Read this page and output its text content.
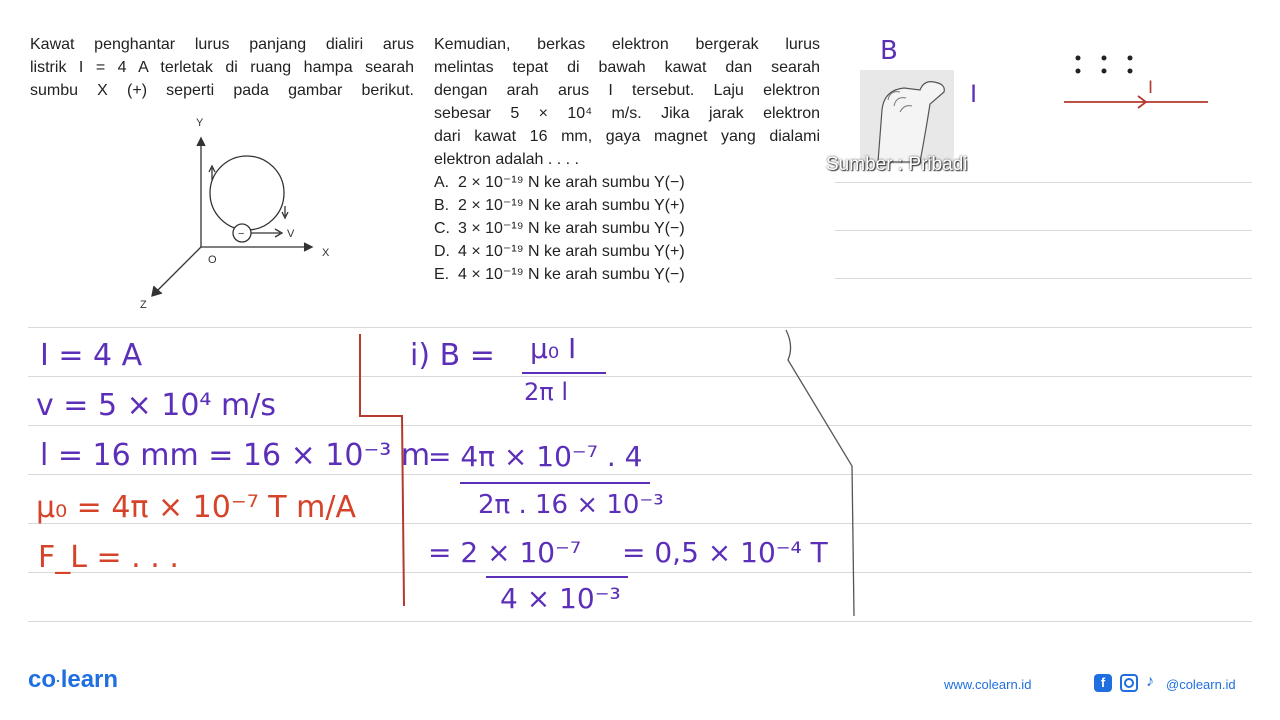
Kawat penghantar lurus panjang dialiri arus
listrik I = 4 A terletak di ruang hampa searah
sumbu X (+) seperti pada gambar berikut.
Y
X
Z
O
V
−
Kemudian, berkas elektron bergerak lurus
melintas tepat di bawah kawat dan searah
dengan arah arus I tersebut. Laju elektron
sebesar 5 × 10⁴ m/s. Jika jarak elektron
dari kawat 16 mm, gaya magnet yang dialami
elektron adalah . . . .
A. 2 × 10⁻¹⁹ N ke arah sumbu Y(−)
B. 2 × 10⁻¹⁹ N ke arah sumbu Y(+)
C. 3 × 10⁻¹⁹ N ke arah sumbu Y(−)
D. 4 × 10⁻¹⁹ N ke arah sumbu Y(+)
E. 4 × 10⁻¹⁹ N ke arah sumbu Y(−)
Sumber : Pribadi
B
I	I
I = 4 A
v = 5 × 10⁴ m/s
l = 16 mm = 16 × 10⁻³ m
μ₀ = 4π × 10⁻⁷ T m/A
F_L = . . .
i) B = μ₀ I
2π l
= 4π × 10⁻⁷ . 4
2π . 16 × 10⁻³
= 2 × 10⁻⁷
4 × 10⁻³
= 0,5 × 10⁻⁴ T
co·learn	www.colearn.id	f	♪ @colearn.id
